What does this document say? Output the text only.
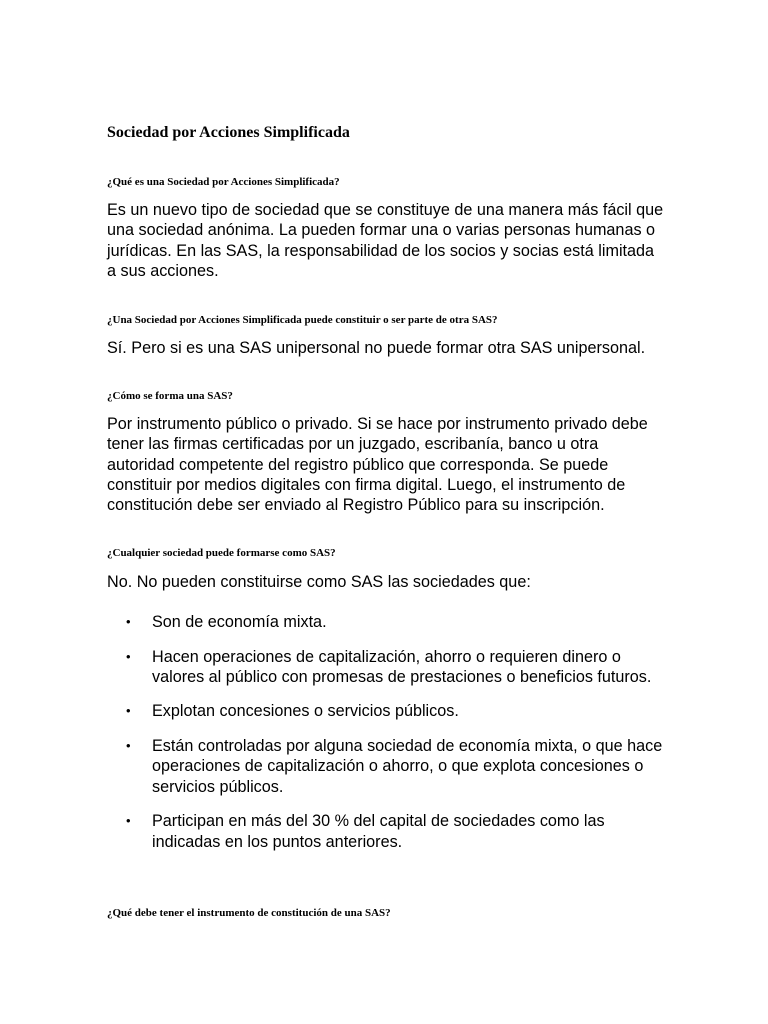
Sociedad por Acciones Simplificada
¿Qué es una Sociedad por Acciones Simplificada?
Es un nuevo tipo de sociedad que se constituye de una manera más fácil que una sociedad anónima. La pueden formar una o varias personas humanas o jurídicas. En las SAS, la responsabilidad de los socios y socias está limitada a sus acciones.
¿Una Sociedad por Acciones Simplificada puede constituir o ser parte de otra SAS?
Sí. Pero si es una SAS unipersonal no puede formar otra SAS unipersonal.
¿Cómo se forma una SAS?
Por instrumento público o privado. Si se hace por instrumento privado debe tener las firmas certificadas por un juzgado, escribanía, banco u otra autoridad competente del registro público que corresponda. Se puede constituir por medios digitales con firma digital. Luego, el instrumento de constitución debe ser enviado al Registro Público para su inscripción.
¿Cualquier sociedad puede formarse como SAS?
No. No pueden constituirse como SAS las sociedades que:
• Son de economía mixta.
• Hacen operaciones de capitalización, ahorro o requieren dinero o valores al público con promesas de prestaciones o beneficios futuros.
• Explotan concesiones o servicios públicos.
• Están controladas por alguna sociedad de economía mixta, o que hace operaciones de capitalización o ahorro, o que explota concesiones o servicios públicos.
• Participan en más del 30 % del capital de sociedades como las indicadas en los puntos anteriores.
¿Qué debe tener el instrumento de constitución de una SAS?
